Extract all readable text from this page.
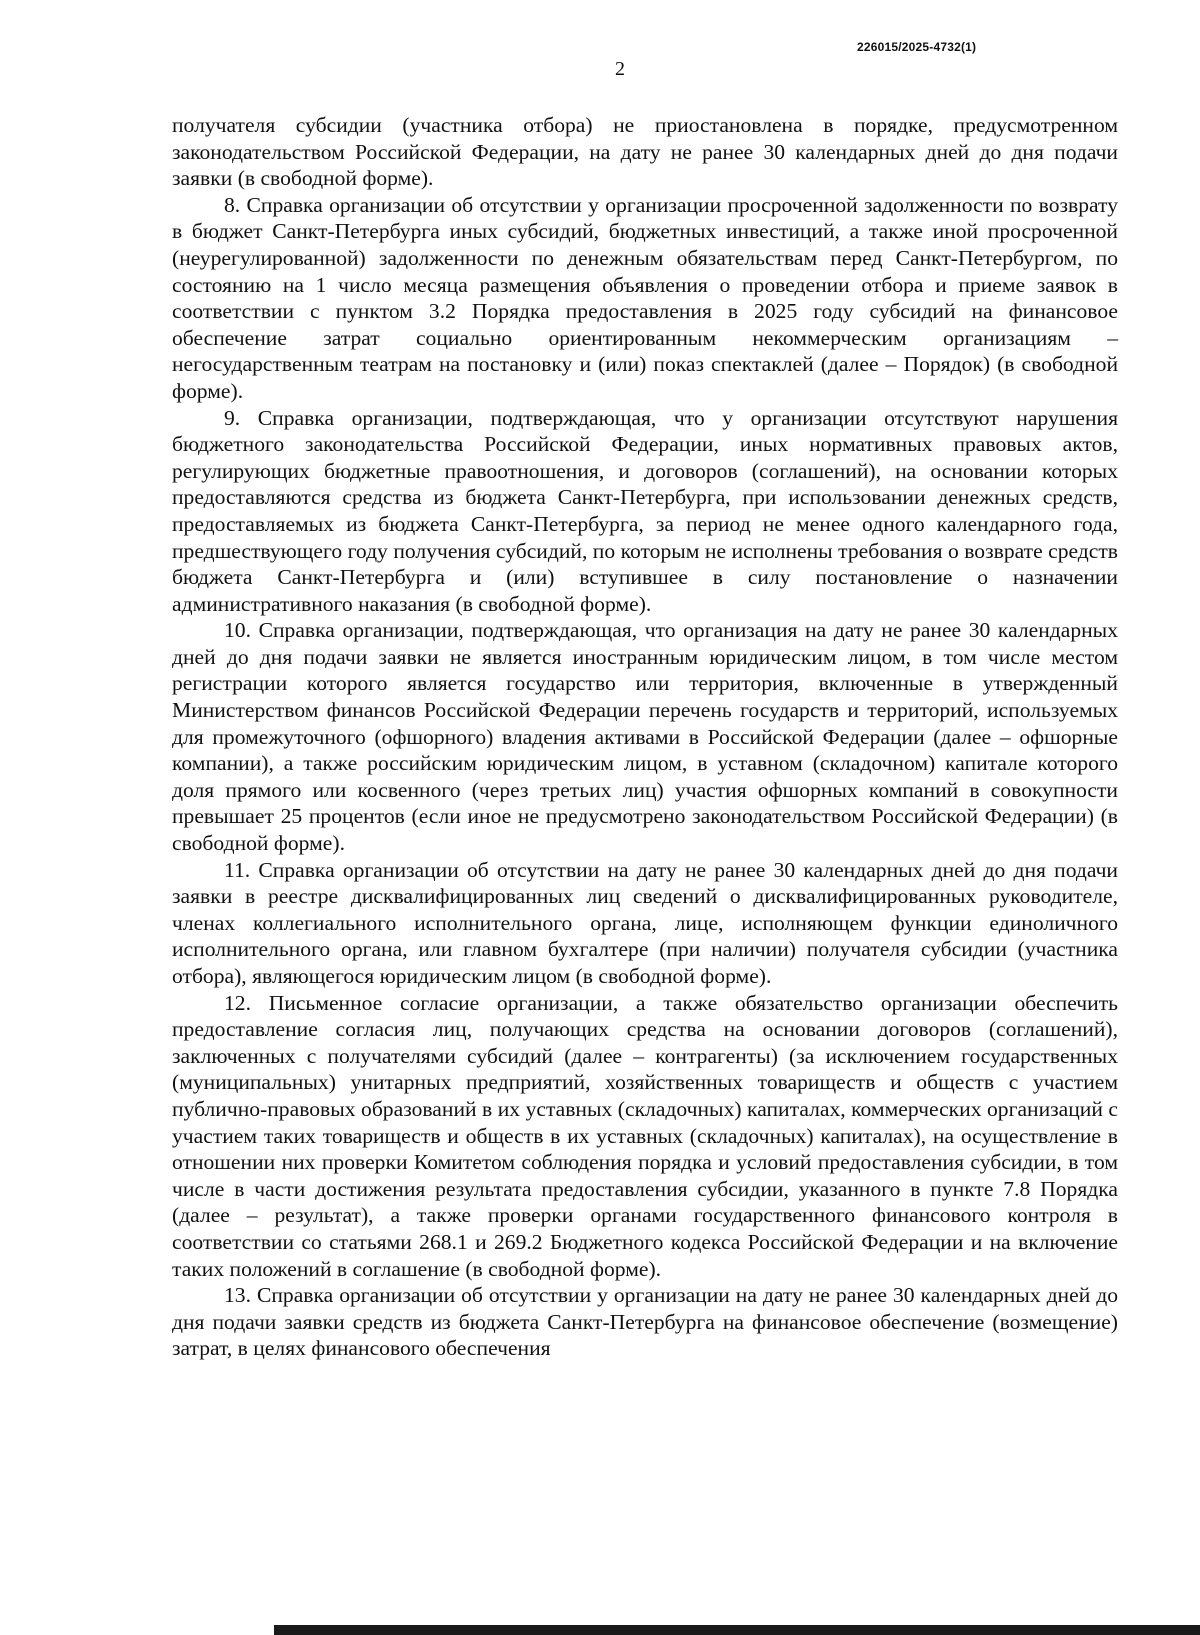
226015/2025-4732(1)
2

получателя субсидии (участника отбора) не приостановлена в порядке, предусмотренном законодательством Российской Федерации, на дату не ранее 30 календарных дней до дня подачи заявки (в свободной форме).

8. Справка организации об отсутствии у организации просроченной задолженности по возврату в бюджет Санкт-Петербурга иных субсидий, бюджетных инвестиций, а также иной просроченной (неурегулированной) задолженности по денежным обязательствам перед Санкт-Петербургом, по состоянию на 1 число месяца размещения объявления о проведении отбора и приеме заявок в соответствии с пунктом 3.2 Порядка предоставления в 2025 году субсидий на финансовое обеспечение затрат социально ориентированным некоммерческим организациям – негосударственным театрам на постановку и (или) показ спектаклей (далее – Порядок) (в свободной форме).

9. Справка организации, подтверждающая, что у организации отсутствуют нарушения бюджетного законодательства Российской Федерации, иных нормативных правовых актов, регулирующих бюджетные правоотношения, и договоров (соглашений), на основании которых предоставляются средства из бюджета Санкт-Петербурга, при использовании денежных средств, предоставляемых из бюджета Санкт-Петербурга, за период не менее одного календарного года, предшествующего году получения субсидий, по которым не исполнены требования о возврате средств бюджета Санкт-Петербурга и (или) вступившее в силу постановление о назначении административного наказания (в свободной форме).

10. Справка организации, подтверждающая, что организация на дату не ранее 30 календарных дней до дня подачи заявки не является иностранным юридическим лицом, в том числе местом регистрации которого является государство или территория, включенные в утвержденный Министерством финансов Российской Федерации перечень государств и территорий, используемых для промежуточного (офшорного) владения активами в Российской Федерации (далее – офшорные компании), а также российским юридическим лицом, в уставном (складочном) капитале которого доля прямого или косвенного (через третьих лиц) участия офшорных компаний в совокупности превышает 25 процентов (если иное не предусмотрено законодательством Российской Федерации) (в свободной форме).

11. Справка организации об отсутствии на дату не ранее 30 календарных дней до дня подачи заявки в реестре дисквалифицированных лиц сведений о дисквалифицированных руководителе, членах коллегиального исполнительного органа, лице, исполняющем функции единоличного исполнительного органа, или главном бухгалтере (при наличии) получателя субсидии (участника отбора), являющегося юридическим лицом (в свободной форме).

12. Письменное согласие организации, а также обязательство организации обеспечить предоставление согласия лиц, получающих средства на основании договоров (соглашений), заключенных с получателями субсидий (далее – контрагенты) (за исключением государственных (муниципальных) унитарных предприятий, хозяйственных товариществ и обществ с участием публично-правовых образований в их уставных (складочных) капиталах, коммерческих организаций с участием таких товариществ и обществ в их уставных (складочных) капиталах), на осуществление в отношении них проверки Комитетом соблюдения порядка и условий предоставления субсидии, в том числе в части достижения результата предоставления субсидии, указанного в пункте 7.8 Порядка (далее – результат), а также проверки органами государственного финансового контроля в соответствии со статьями 268.1 и 269.2 Бюджетного кодекса Российской Федерации и на включение таких положений в соглашение (в свободной форме).

13. Справка организации об отсутствии у организации на дату не ранее 30 календарных дней до дня подачи заявки средств из бюджета Санкт-Петербурга на финансовое обеспечение (возмещение) затрат, в целях финансового обеспечения
